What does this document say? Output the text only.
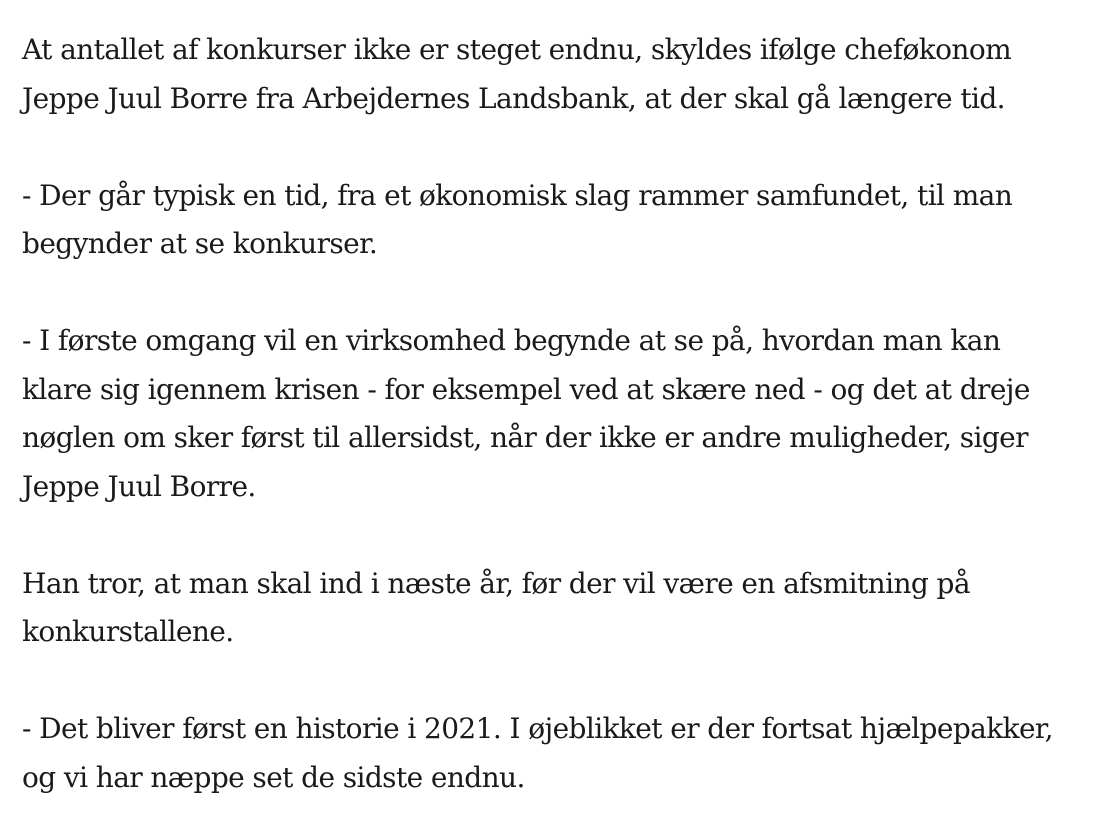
At antallet af konkurser ikke er steget endnu, skyldes ifølge cheføkonom
Jeppe Juul Borre fra Arbejdernes Landsbank, at der skal gå længere tid.

- Der går typisk en tid, fra et økonomisk slag rammer samfundet, til man
begynder at se konkurser.

- I første omgang vil en virksomhed begynde at se på, hvordan man kan
klare sig igennem krisen - for eksempel ved at skære ned - og det at dreje
nøglen om sker først til allersidst, når der ikke er andre muligheder, siger
Jeppe Juul Borre.

Han tror, at man skal ind i næste år, før der vil være en afsmitning på
konkurstallene.

- Det bliver først en historie i 2021. I øjeblikket er der fortsat hjælpepakker,
og vi har næppe set de sidste endnu.
